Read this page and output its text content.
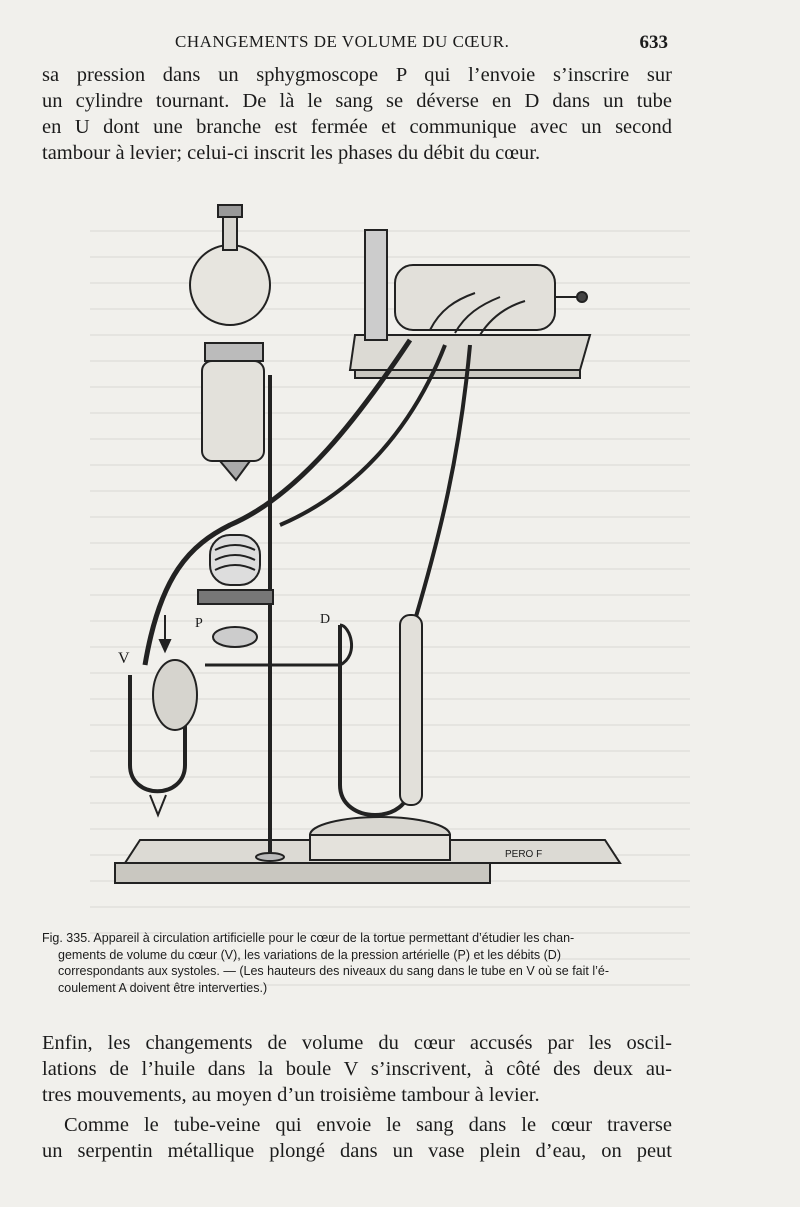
CHANGEMENTS DE VOLUME DU CŒUR.	633

sa pression dans un sphygmoscope P qui l’envoie s’inscrire sur
un cylindre tournant. De là le sang se déverse en D dans un tube
en U dont une branche est fermée et communique avec un second
tambour à levier; celui-ci inscrit les phases du débit du cœur.

V
P	D
PERO F
Fig. 335. Appareil à circulation artificielle pour le cœur de la tortue permettant d’étudier les chan-
gements de volume du cœur (V), les variations de la pression artérielle (P) et les débits (D)
correspondants aux systoles. — (Les hauteurs des niveaux du sang dans le tube en V où se fait l’é-
coulement A doivent être interverties.)

Enfin, les changements de volume du cœur accusés par les oscil-
lations de l’huile dans la boule V s’inscrivent, à côté des deux au-
tres mouvements, au moyen d’un troisième tambour à levier.

Comme le tube-veine qui envoie le sang dans le cœur traverse
un serpentin métallique plongé dans un vase plein d’eau, on peut
